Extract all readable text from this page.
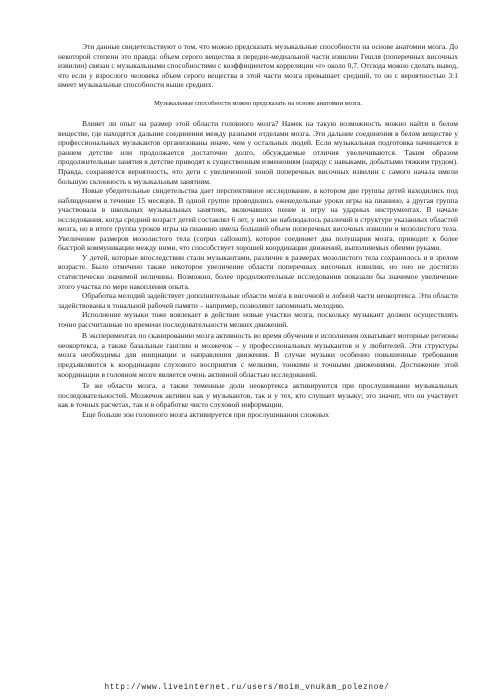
Эти данные свидетельствуют о том, что можно предсказать музыкальные способности на основе анатомии мозга. До некоторой степени это правда: объем серого вещества в передне-медиальной части извилин Гешля (поперечных височных извилин) связан с музыкальными способностями с коэффициентом корреляции «r» около 0,7. Отсюда можно сделать вывод, что если у взрослого человека объем серого вещества в этой части мозга превышает средний, то он с вероятностью 3:1 имеет музыкальные способности выше средних.

Музыкальные способности можно предсказать на основе анатомии мозга.

Влияет ли опыт на размер этой области головного мозга? Намек на такую возможность можно найти в белом веществе, где находятся дальние соединения между разными отделами мозга. Эти дальние соединения в белом веществе у профессиональных музыкантов организованы иначе, чем у остальных людей. Если музыкальная подготовка начинается в раннем детстве или продолжается достаточно долго, обсуждаемые отличия увеличиваются. Таким образом продолжительные занятия в детстве приводят к существенным изменениям (наряду с навыками, добытыми тяжким трудом). Правда, сохраняется вероятность, что дети с увеличенной зоной поперечных височных извилин с самого начала имели большую склонность к музыкальным занятиям.

Новые убедительные свидетельства дает перспективное исследование, в котором две группы детей находились под наблюдением в течение 15 месяцев. В одной группе проводились еженедельные уроки игры на пианино, а другая группа участвовала в школьных музыкальных занятиях, включавших пение и игру на ударных инструментах. В начале исследования, когда средний возраст детей составлял 6 лет, у них не наблюдалось различий в структуре указанных областей мозга, но в итоге группа уроков игры на пианино имела больший объем поперечных височных извилин и мозолистого тела. Увеличение размеров мозолистого тела (corpus callosum), которое соединяет два полушария мозга, приводит к более быстрой коммуникации между ними, что способствует хорошей координации движений, выполняемых обеими руками.

У детей, которые впоследствии стали музыкантами, различие в размерах мозолистого тела сохранилось и в зрелом возрасте. Было отмечено также некоторое увеличение области поперечных височных извилин, но оно не достигло статистически значимой величины. Возможно, более продолжительные исследования показали бы значимое увеличение этого участка по мере накопления опыта.

Обработка мелодий задействует дополнительные области мозга в височной и лобной части неокортекса. Эти области задействованы в тональной рабочей памяти – например, позволяют запоминать мелодию.

Исполнение музыки тоже вовлекает в действие новые участки мозга, поскольку музыкант должен осуществлять точно рассчитанные по времени последовательности мелких движений.

В экспериментах по сканированию мозга активность во время обучения и исполнения охватывает моторные регионы неокортекса, а также базальные ганглии и мозжечок – у профессиональных музыкантов и у любителей. Эти структуры мозга необходимы для инициации и направления движения. В случае музыки особенно повышенные требования предъявляются к координации слухового восприятия с мелкими, тонкими и точными движениями. Достижение этой координации в головном мозге является очень активной областью исследований.

Те же области мозга, а также теменные доли неокортекса активируются при прослушивании музыкальных последовательностей. Мозжечок активен как у музыкантов, так и у тех, кто слушает музыку; это значит, что он участвует как в точных расчетах, так и в обработке чисто слуховой информации.

Еще больше зон головного мозга активируется при прослушивании сложных

http://www.liveinternet.ru/users/moim_vnukam_poleznoe/
